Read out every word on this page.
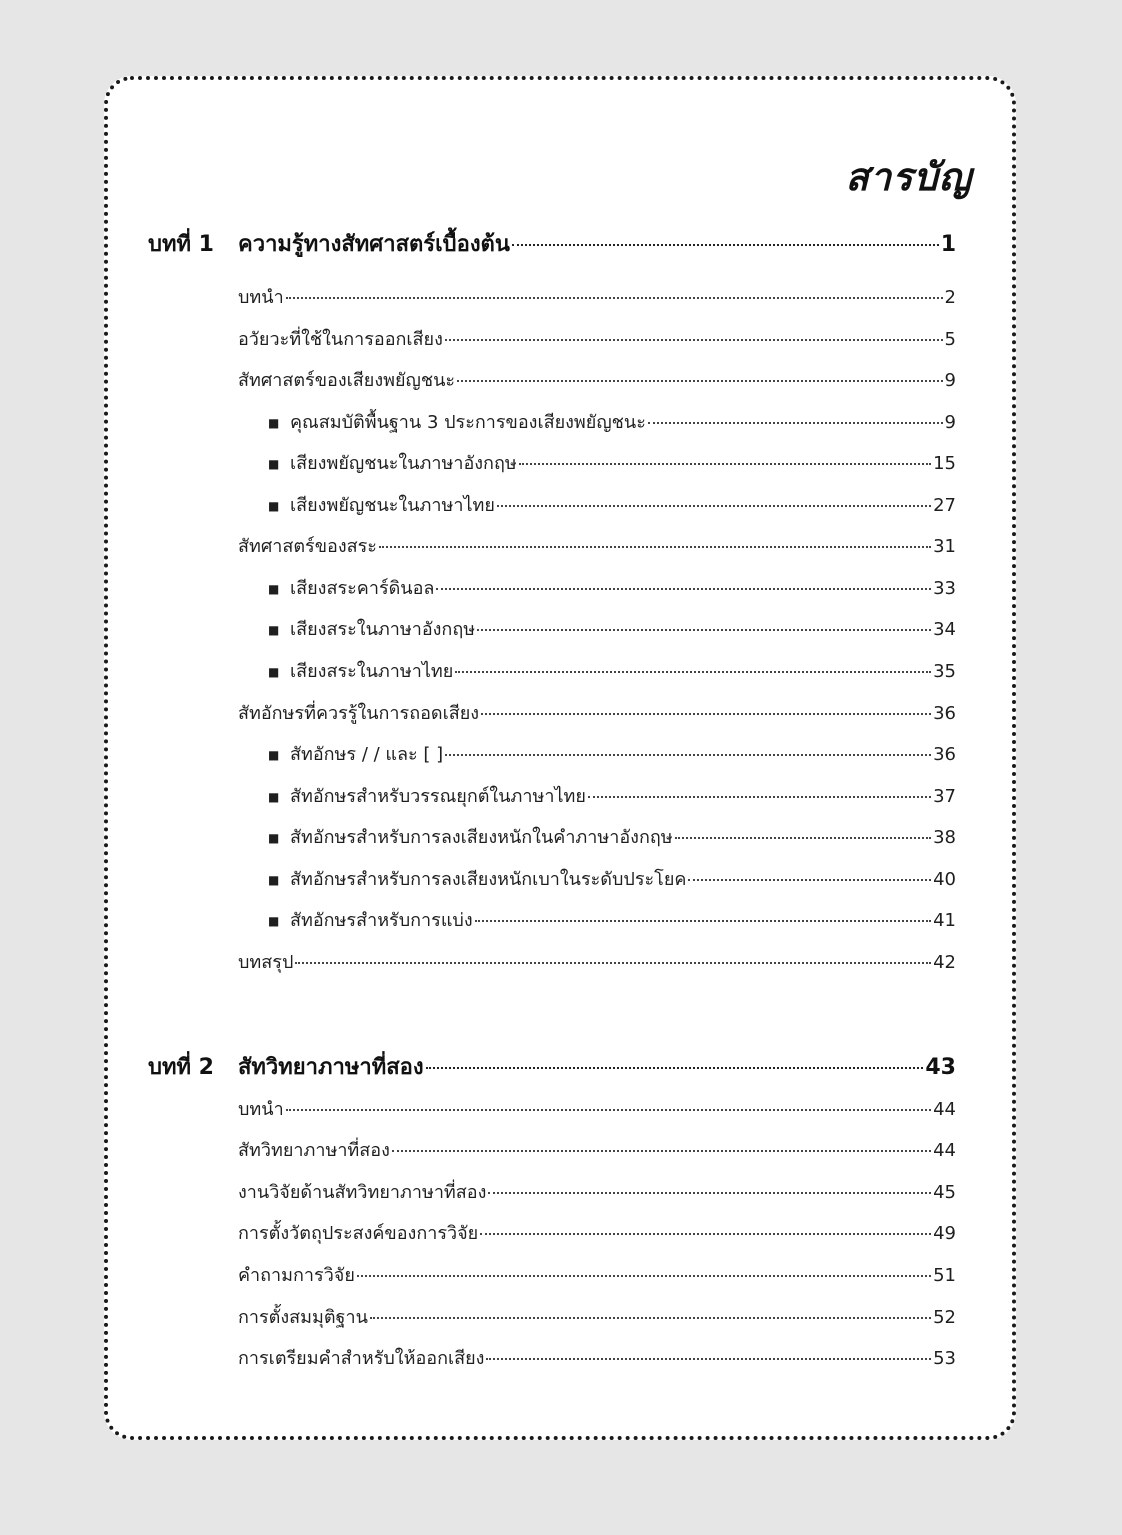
สารบัญ
บทที่ 1	ความรู้ทางสัทศาสตร์เบื้องต้น	1
บทนำ	2
อวัยวะที่ใช้ในการออกเสียง	5
สัทศาสตร์ของเสียงพยัญชนะ	9
■ คุณสมบัติพื้นฐาน 3 ประการของเสียงพยัญชนะ	9
■ เสียงพยัญชนะในภาษาอังกฤษ	15
■ เสียงพยัญชนะในภาษาไทย	27
สัทศาสตร์ของสระ	31
■ เสียงสระคาร์ดินอล	33
■ เสียงสระในภาษาอังกฤษ	34
■ เสียงสระในภาษาไทย	35
สัทอักษรที่ควรรู้ในการถอดเสียง	36
■ สัทอักษร / / และ [ ]	36
■ สัทอักษรสำหรับวรรณยุกต์ในภาษาไทย	37
■ สัทอักษรสำหรับการลงเสียงหนักในคำภาษาอังกฤษ	38
■ สัทอักษรสำหรับการลงเสียงหนักเบาในระดับประโยค	40
■ สัทอักษรสำหรับการแบ่ง	41
บทสรุป	42
บทที่ 2	สัทวิทยาภาษาที่สอง	43
บทนำ	44
สัทวิทยาภาษาที่สอง	44
งานวิจัยด้านสัทวิทยาภาษาที่สอง	45
การตั้งวัตถุประสงค์ของการวิจัย	49
คำถามการวิจัย	51
การตั้งสมมุติฐาน	52
การเตรียมคำสำหรับให้ออกเสียง	53
